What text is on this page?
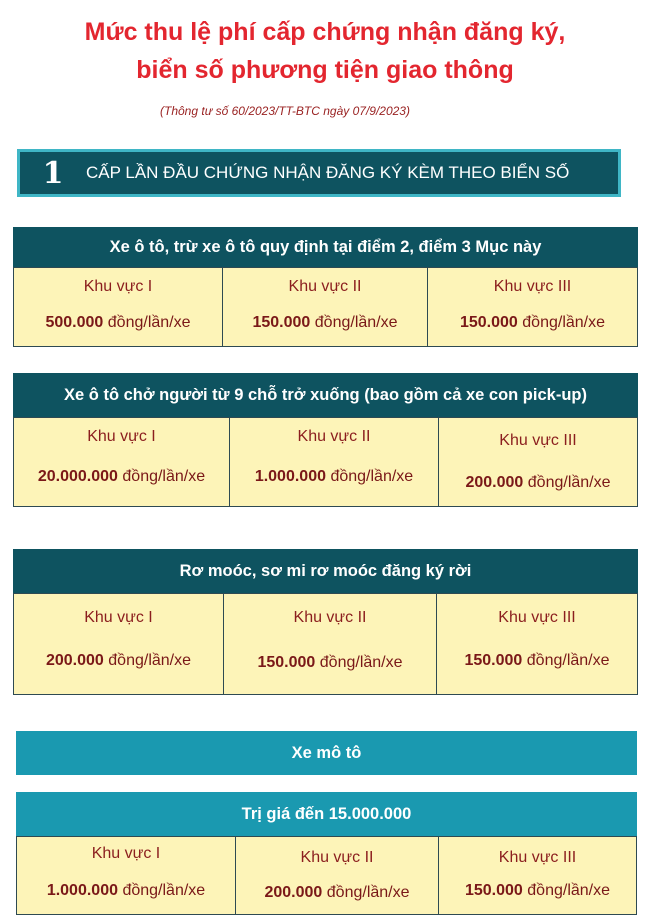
Mức thu lệ phí cấp chứng nhận đăng ký,
biển số phương tiện giao thông
(Thông tư số 60/2023/TT-BTC ngày 07/9/2023)
1	CẤP LẦN ĐẦU CHỨNG NHẬN ĐĂNG KÝ KÈM THEO BIỂN SỐ
Xe ô tô, trừ xe ô tô quy định tại điểm 2, điểm 3 Mục này
Khu vực I
500.000 đồng/lần/xe
Khu vực II
150.000 đồng/lần/xe
Khu vực III
150.000 đồng/lần/xe
Xe ô tô chở người từ 9 chỗ trở xuống (bao gồm cả xe con pick-up)
Khu vực I
20.000.000 đồng/lần/xe
Khu vực II
1.000.000 đồng/lần/xe
Khu vực III
200.000 đồng/lần/xe
Rơ moóc, sơ mi rơ moóc đăng ký rời
Khu vực I
200.000 đồng/lần/xe
Khu vực II
150.000 đồng/lần/xe
Khu vực III
150.000 đồng/lần/xe
Xe mô tô
Trị giá đến 15.000.000
Khu vực I
1.000.000 đồng/lần/xe
Khu vực II
200.000 đồng/lần/xe
Khu vực III
150.000 đồng/lần/xe
